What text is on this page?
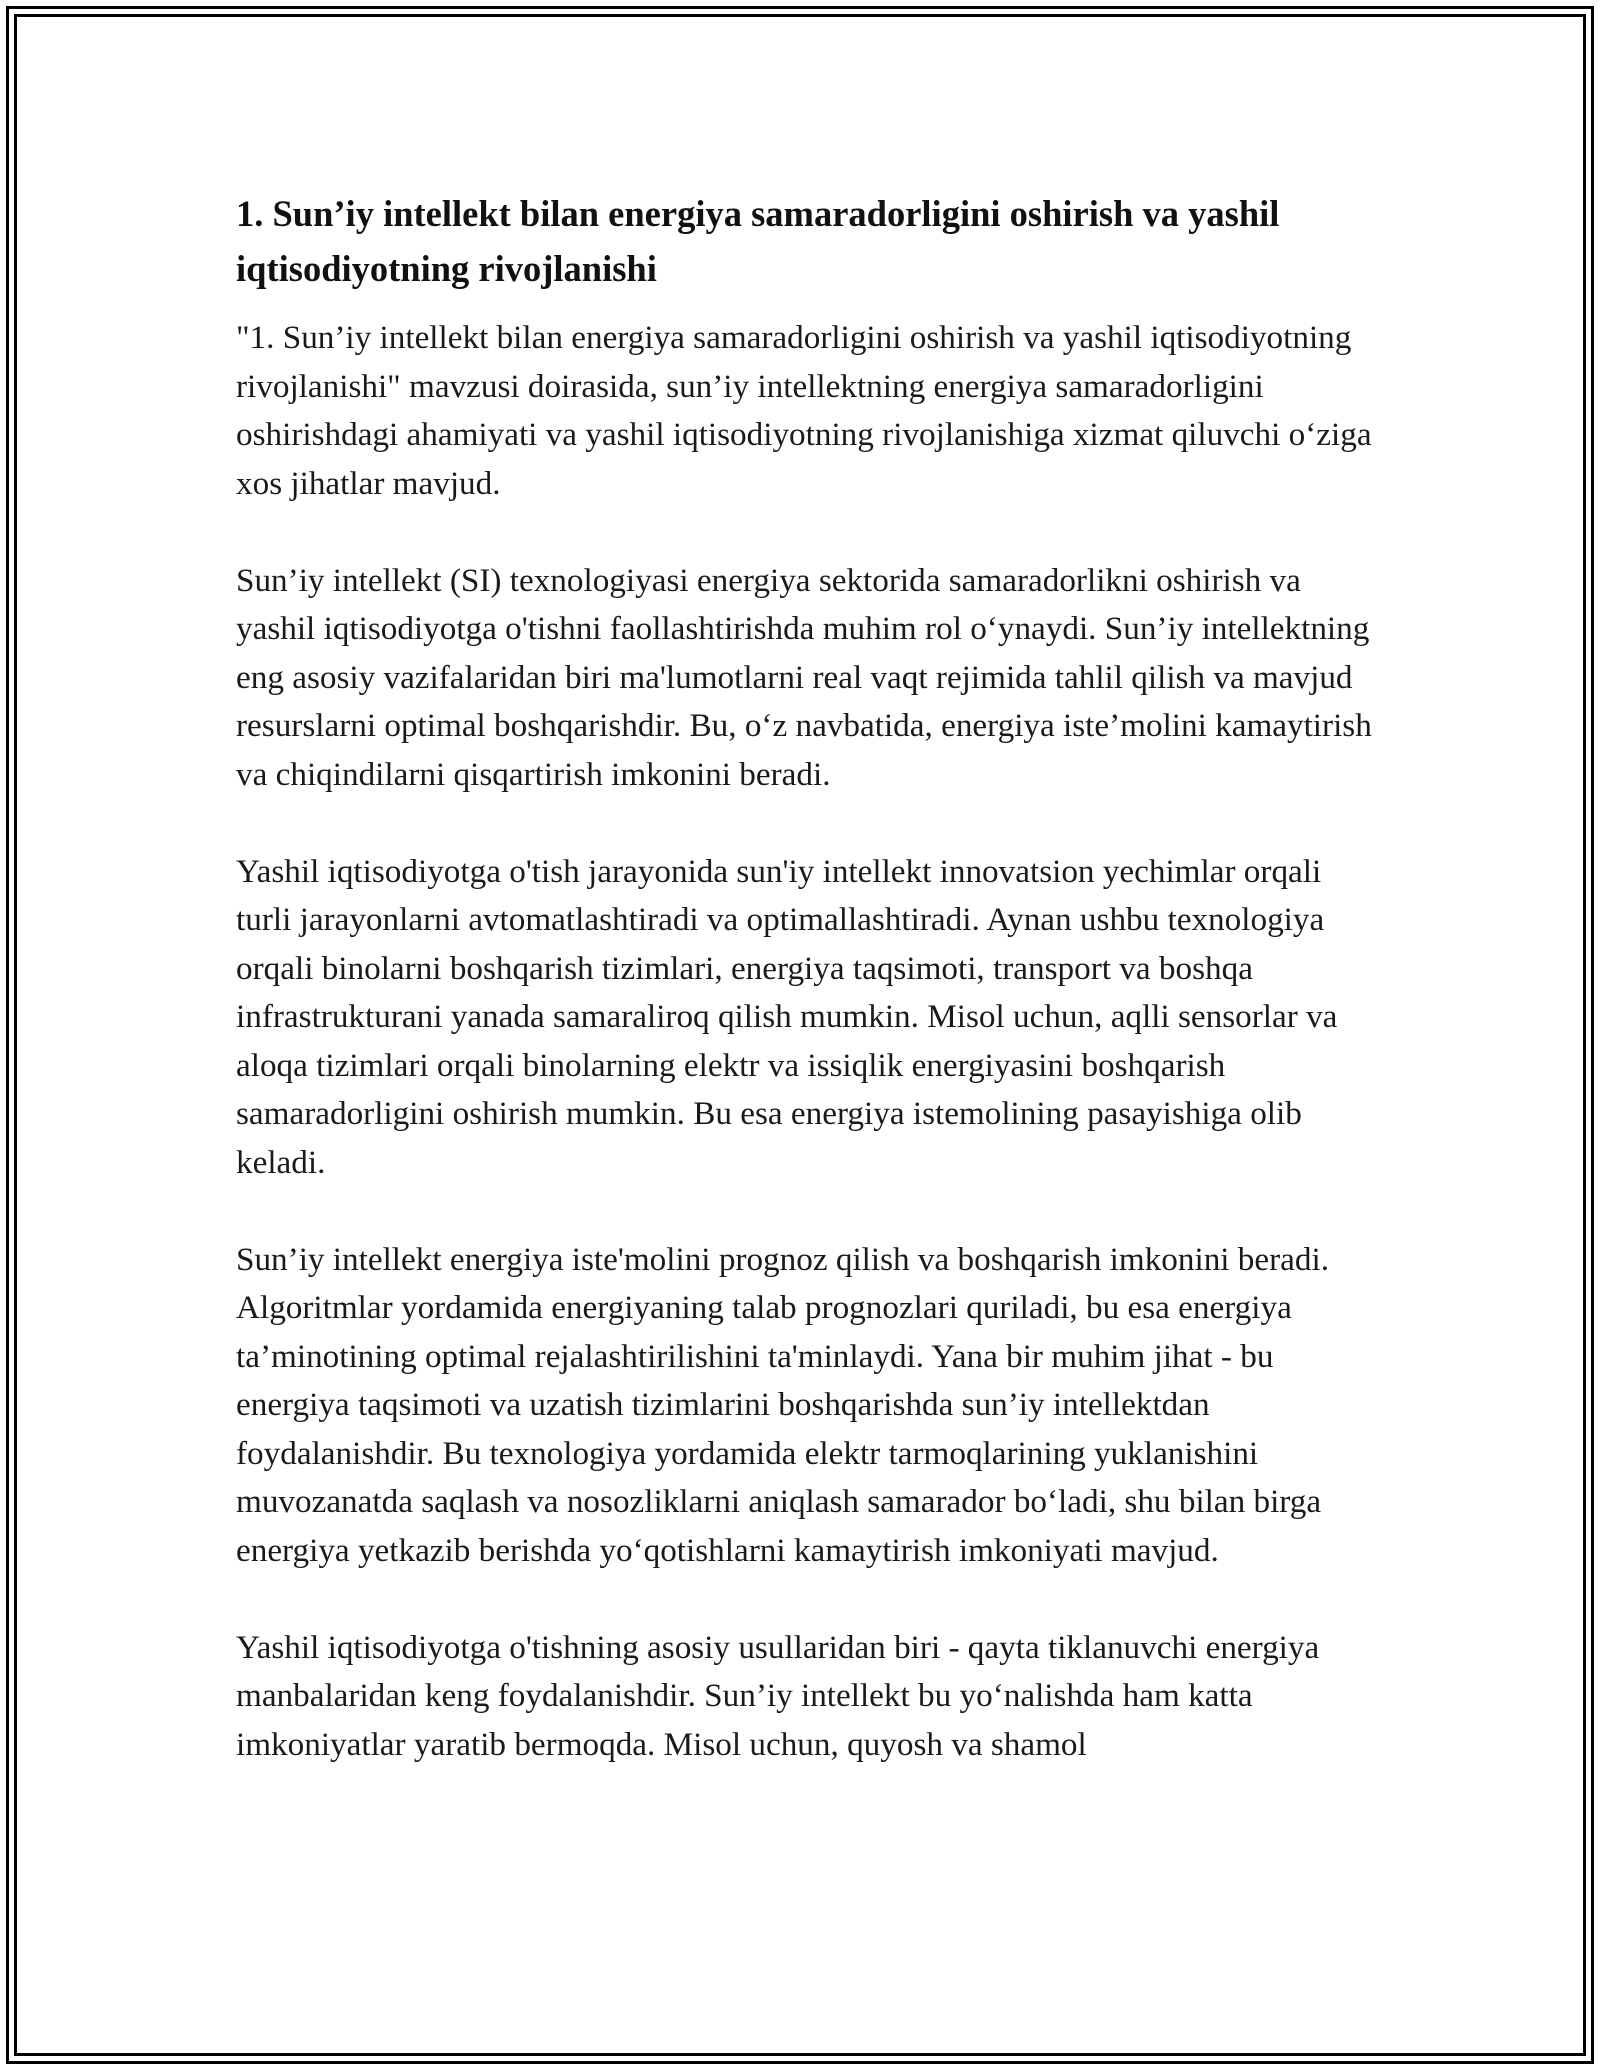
1. Sun’iy intellekt bilan energiya samaradorligini oshirish va yashil iqtisodiyotning rivojlanishi

"1. Sun’iy intellekt bilan energiya samaradorligini oshirish va yashil iqtisodiyotning rivojlanishi" mavzusi doirasida, sun’iy intellektning energiya samaradorligini oshirishdagi ahamiyati va yashil iqtisodiyotning rivojlanishiga xizmat qiluvchi o‘ziga xos jihatlar mavjud.

Sun’iy intellekt (SI) texnologiyasi energiya sektorida samaradorlikni oshirish va yashil iqtisodiyotga o'tishni faollashtirishda muhim rol o‘ynaydi. Sun’iy intellektning eng asosiy vazifalaridan biri ma'lumotlarni real vaqt rejimida tahlil qilish va mavjud resurslarni optimal boshqarishdir. Bu, o‘z navbatida, energiya iste’molini kamaytirish va chiqindilarni qisqartirish imkonini beradi.

Yashil iqtisodiyotga o'tish jarayonida sun'iy intellekt innovatsion yechimlar orqali turli jarayonlarni avtomatlashtiradi va optimallashtiradi. Aynan ushbu texnologiya orqali binolarni boshqarish tizimlari, energiya taqsimoti, transport va boshqa infrastrukturani yanada samaraliroq qilish mumkin. Misol uchun, aqlli sensorlar va aloqa tizimlari orqali binolarning elektr va issiqlik energiyasini boshqarish samaradorligini oshirish mumkin. Bu esa energiya istemolining pasayishiga olib keladi.

Sun’iy intellekt energiya iste'molini prognoz qilish va boshqarish imkonini beradi. Algoritmlar yordamida energiyaning talab prognozlari quriladi, bu esa energiya ta’minotining optimal rejalashtirilishini ta'minlaydi. Yana bir muhim jihat - bu energiya taqsimoti va uzatish tizimlarini boshqarishda sun’iy intellektdan foydalanishdir. Bu texnologiya yordamida elektr tarmoqlarining yuklanishini muvozanatda saqlash va nosozliklarni aniqlash samarador bo‘ladi, shu bilan birga energiya yetkazib berishda yo‘qotishlarni kamaytirish imkoniyati mavjud.

Yashil iqtisodiyotga o'tishning asosiy usullaridan biri - qayta tiklanuvchi energiya manbalaridan keng foydalanishdir. Sun’iy intellekt bu yo‘nalishda ham katta imkoniyatlar yaratib bermoqda. Misol uchun, quyosh va shamol
